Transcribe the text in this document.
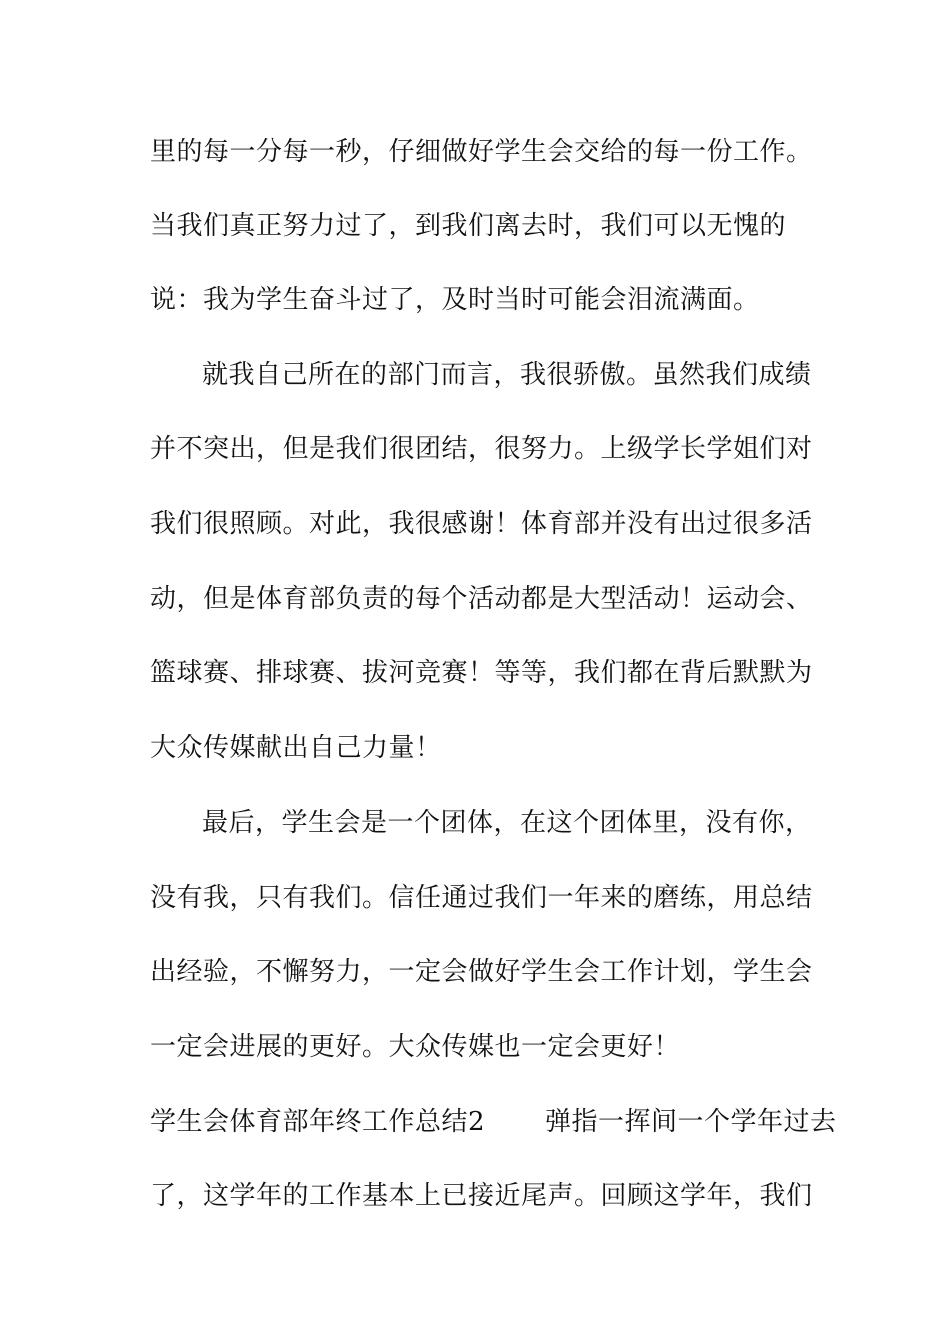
里的每一分每一秒，仔细做好学生会交给的每一份工作。
当我们真正努力过了，到我们离去时，我们可以无愧的
说：我为学生奋斗过了，及时当时可能会泪流满面。
就我自己所在的部门而言，我很骄傲。虽然我们成绩
并不突出，但是我们很团结，很努力。上级学长学姐们对
我们很照顾。对此，我很感谢！体育部并没有出过很多活
动，但是体育部负责的每个活动都是大型活动！运动会、
篮球赛、排球赛、拔河竞赛！等等，我们都在背后默默为
大众传媒献出自己力量！
最后，学生会是一个团体，在这个团体里，没有你，
没有我，只有我们。信任通过我们一年来的磨练，用总结
出经验，不懈努力，一定会做好学生会工作计划，学生会
一定会进展的更好。大众传媒也一定会更好！
学生会体育部年终工作总结2 弹指一挥间一个学年过去
了，这学年的工作基本上已接近尾声。回顾这学年，我们
